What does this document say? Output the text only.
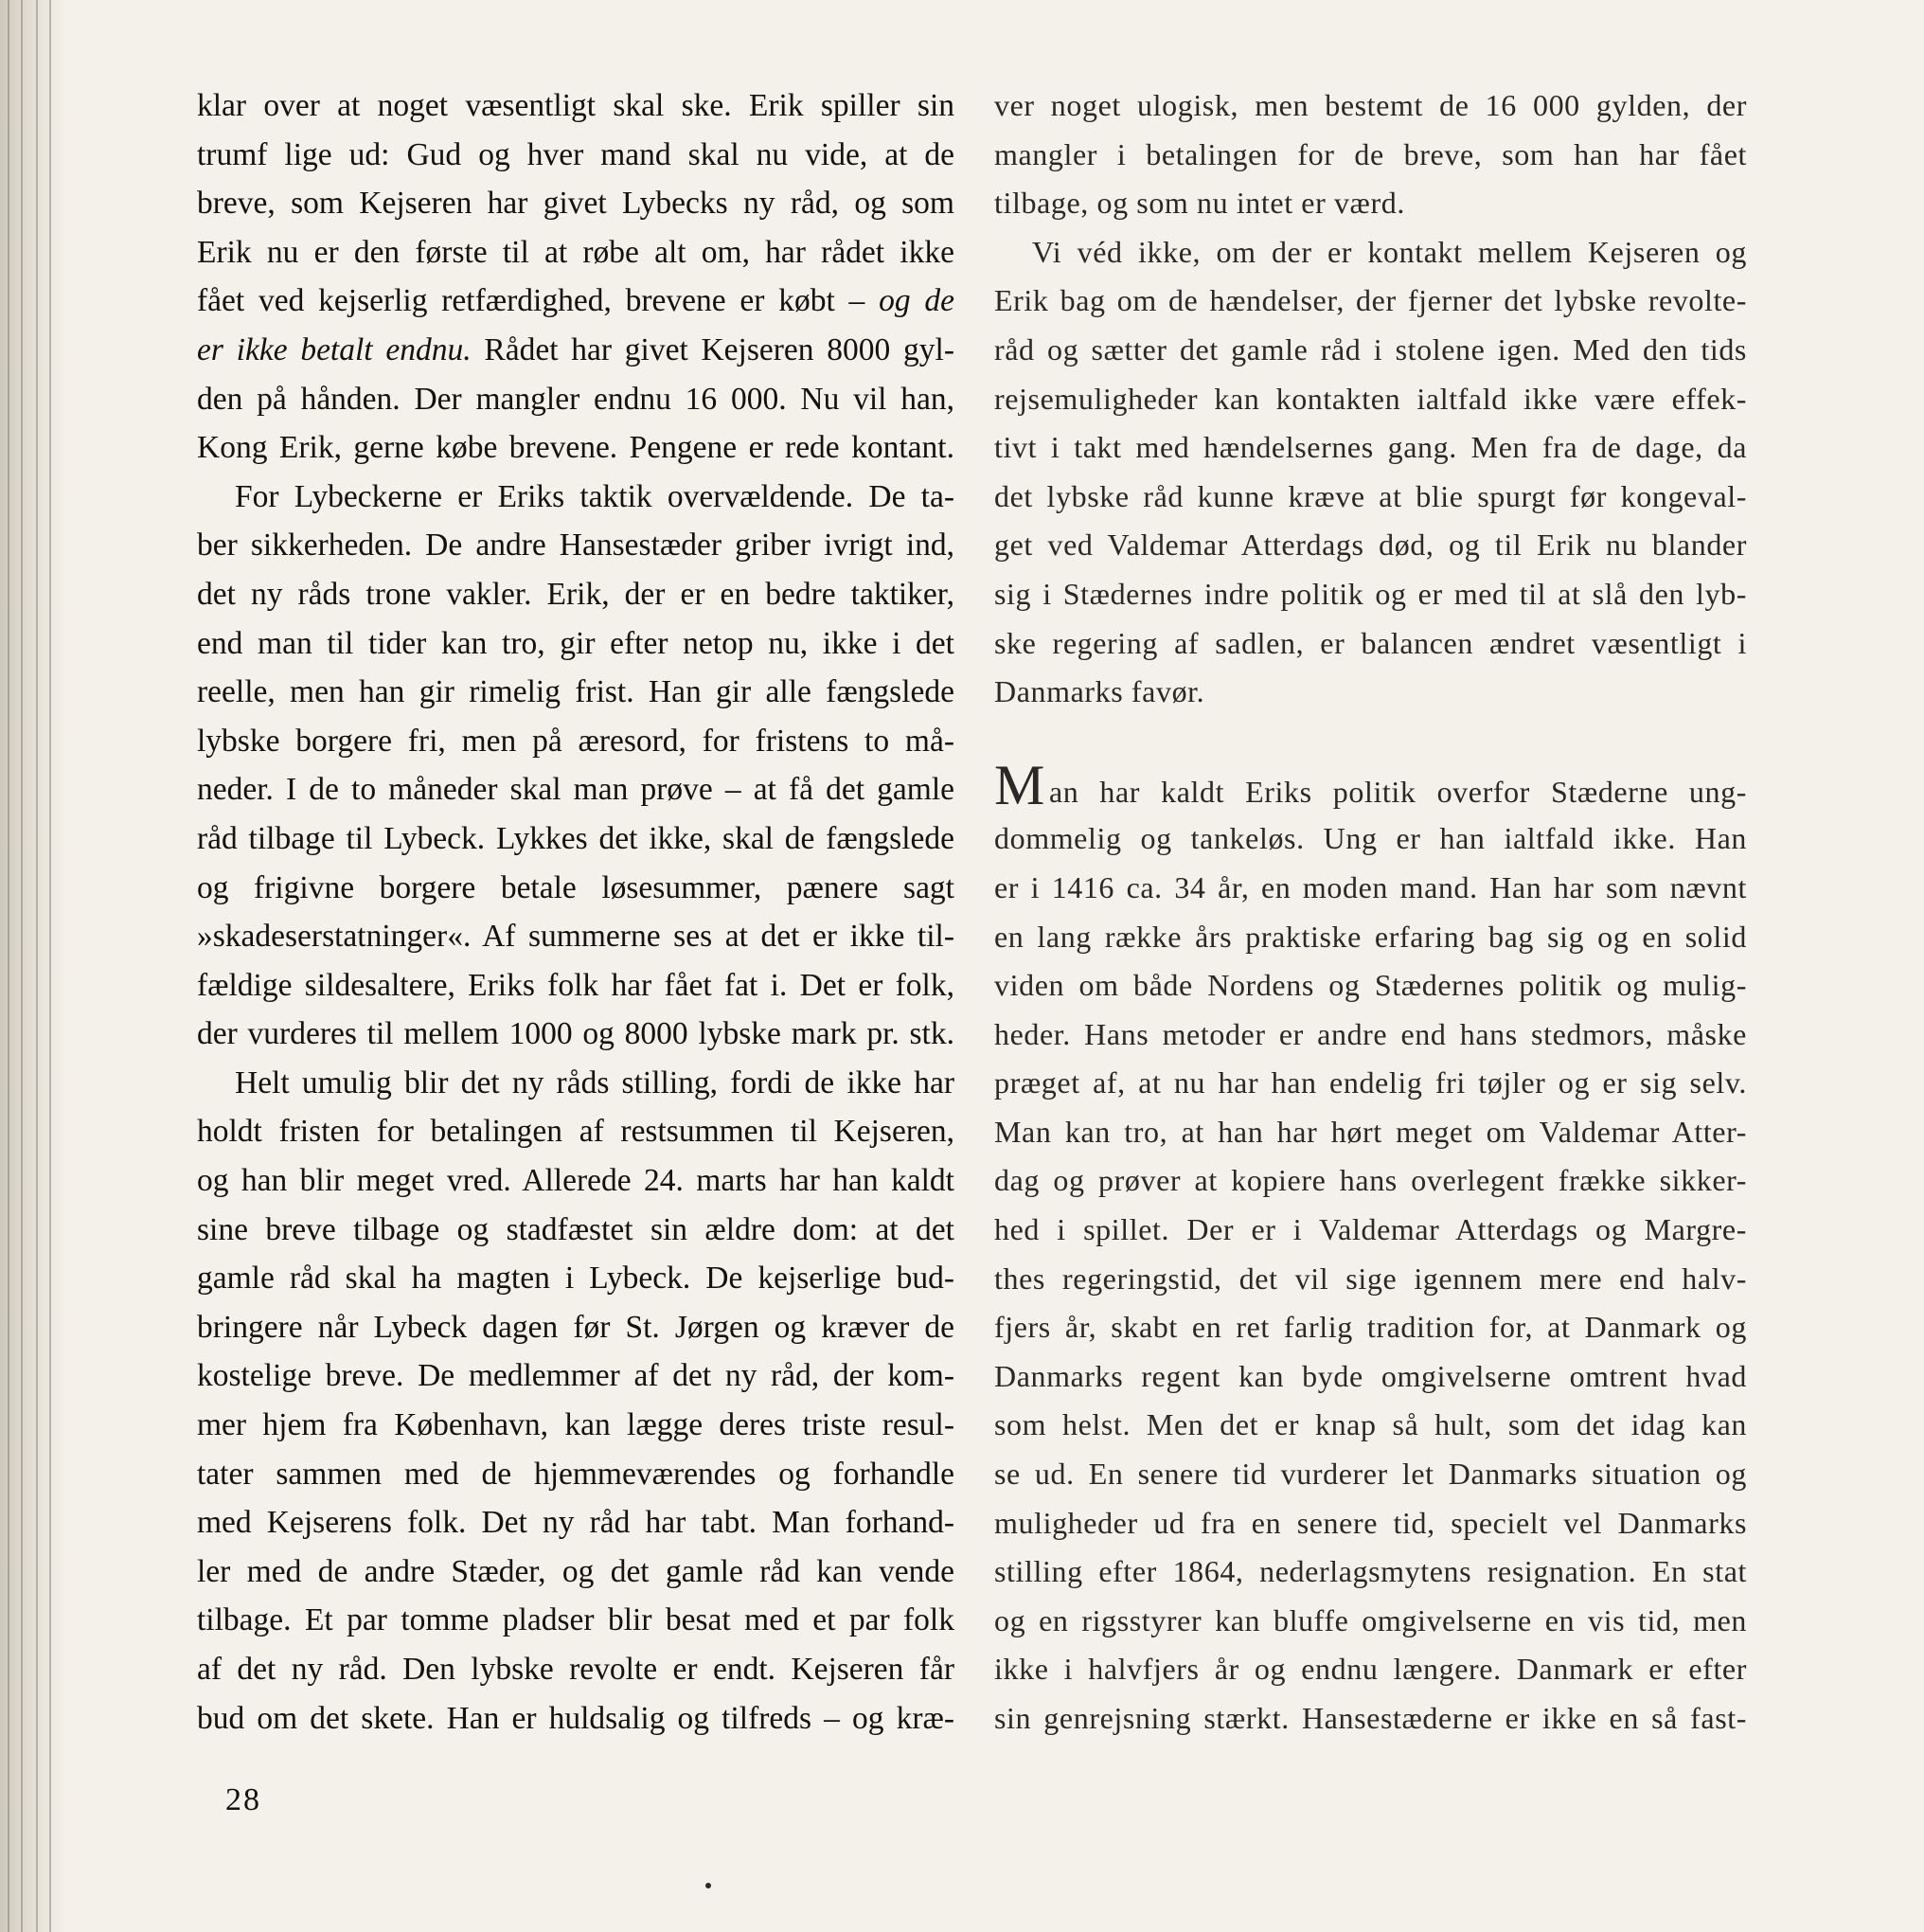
klar over at noget væsentligt skal ske. Erik spiller sin
trumf lige ud: Gud og hver mand skal nu vide, at de
breve, som Kejseren har givet Lybecks ny råd, og som
Erik nu er den første til at røbe alt om, har rådet ikke
fået ved kejserlig retfærdighed, brevene er købt – og de
er ikke betalt endnu. Rådet har givet Kejseren 8000 gyl-
den på hånden. Der mangler endnu 16 000. Nu vil han,
Kong Erik, gerne købe brevene. Pengene er rede kontant.
For Lybeckerne er Eriks taktik overvældende. De ta-
ber sikkerheden. De andre Hansestæder griber ivrigt ind,
det ny råds trone vakler. Erik, der er en bedre taktiker,
end man til tider kan tro, gir efter netop nu, ikke i det
reelle, men han gir rimelig frist. Han gir alle fængslede
lybske borgere fri, men på æresord, for fristens to må-
neder. I de to måneder skal man prøve – at få det gamle
råd tilbage til Lybeck. Lykkes det ikke, skal de fængslede
og frigivne borgere betale løsesummer, pænere sagt
»skadeserstatninger«. Af summerne ses at det er ikke til-
fældige sildesaltere, Eriks folk har fået fat i. Det er folk,
der vurderes til mellem 1000 og 8000 lybske mark pr. stk.
Helt umulig blir det ny råds stilling, fordi de ikke har
holdt fristen for betalingen af restsummen til Kejseren,
og han blir meget vred. Allerede 24. marts har han kaldt
sine breve tilbage og stadfæstet sin ældre dom: at det
gamle råd skal ha magten i Lybeck. De kejserlige bud-
bringere når Lybeck dagen før St. Jørgen og kræver de
kostelige breve. De medlemmer af det ny råd, der kom-
mer hjem fra København, kan lægge deres triste resul-
tater sammen med de hjemmeværendes og forhandle
med Kejserens folk. Det ny råd har tabt. Man forhand-
ler med de andre Stæder, og det gamle råd kan vende
tilbage. Et par tomme pladser blir besat med et par folk
af det ny råd. Den lybske revolte er endt. Kejseren får
bud om det skete. Han er huldsalig og tilfreds – og kræ-
ver noget ulogisk, men bestemt de 16 000 gylden, der
mangler i betalingen for de breve, som han har fået
tilbage, og som nu intet er værd.
Vi véd ikke, om der er kontakt mellem Kejseren og
Erik bag om de hændelser, der fjerner det lybske revolte-
råd og sætter det gamle råd i stolene igen. Med den tids
rejsemuligheder kan kontakten ialtfald ikke være effek-
tivt i takt med hændelsernes gang. Men fra de dage, da
det lybske råd kunne kræve at blie spurgt før kongeval-
get ved Valdemar Atterdags død, og til Erik nu blander
sig i Stædernes indre politik og er med til at slå den lyb-
ske regering af sadlen, er balancen ændret væsentligt i
Danmarks favør.
Man har kaldt Eriks politik overfor Stæderne ung-
dommelig og tankeløs. Ung er han ialtfald ikke. Han
er i 1416 ca. 34 år, en moden mand. Han har som nævnt
en lang række års praktiske erfaring bag sig og en solid
viden om både Nordens og Stædernes politik og mulig-
heder. Hans metoder er andre end hans stedmors, måske
præget af, at nu har han endelig fri tøjler og er sig selv.
Man kan tro, at han har hørt meget om Valdemar Atter-
dag og prøver at kopiere hans overlegent frække sikker-
hed i spillet. Der er i Valdemar Atterdags og Margre-
thes regeringstid, det vil sige igennem mere end halv-
fjers år, skabt en ret farlig tradition for, at Danmark og
Danmarks regent kan byde omgivelserne omtrent hvad
som helst. Men det er knap så hult, som det idag kan
se ud. En senere tid vurderer let Danmarks situation og
muligheder ud fra en senere tid, specielt vel Danmarks
stilling efter 1864, nederlagsmytens resignation. En stat
og en rigsstyrer kan bluffe omgivelserne en vis tid, men
ikke i halvfjers år og endnu længere. Danmark er efter
sin genrejsning stærkt. Hansestæderne er ikke en så fast-
28
